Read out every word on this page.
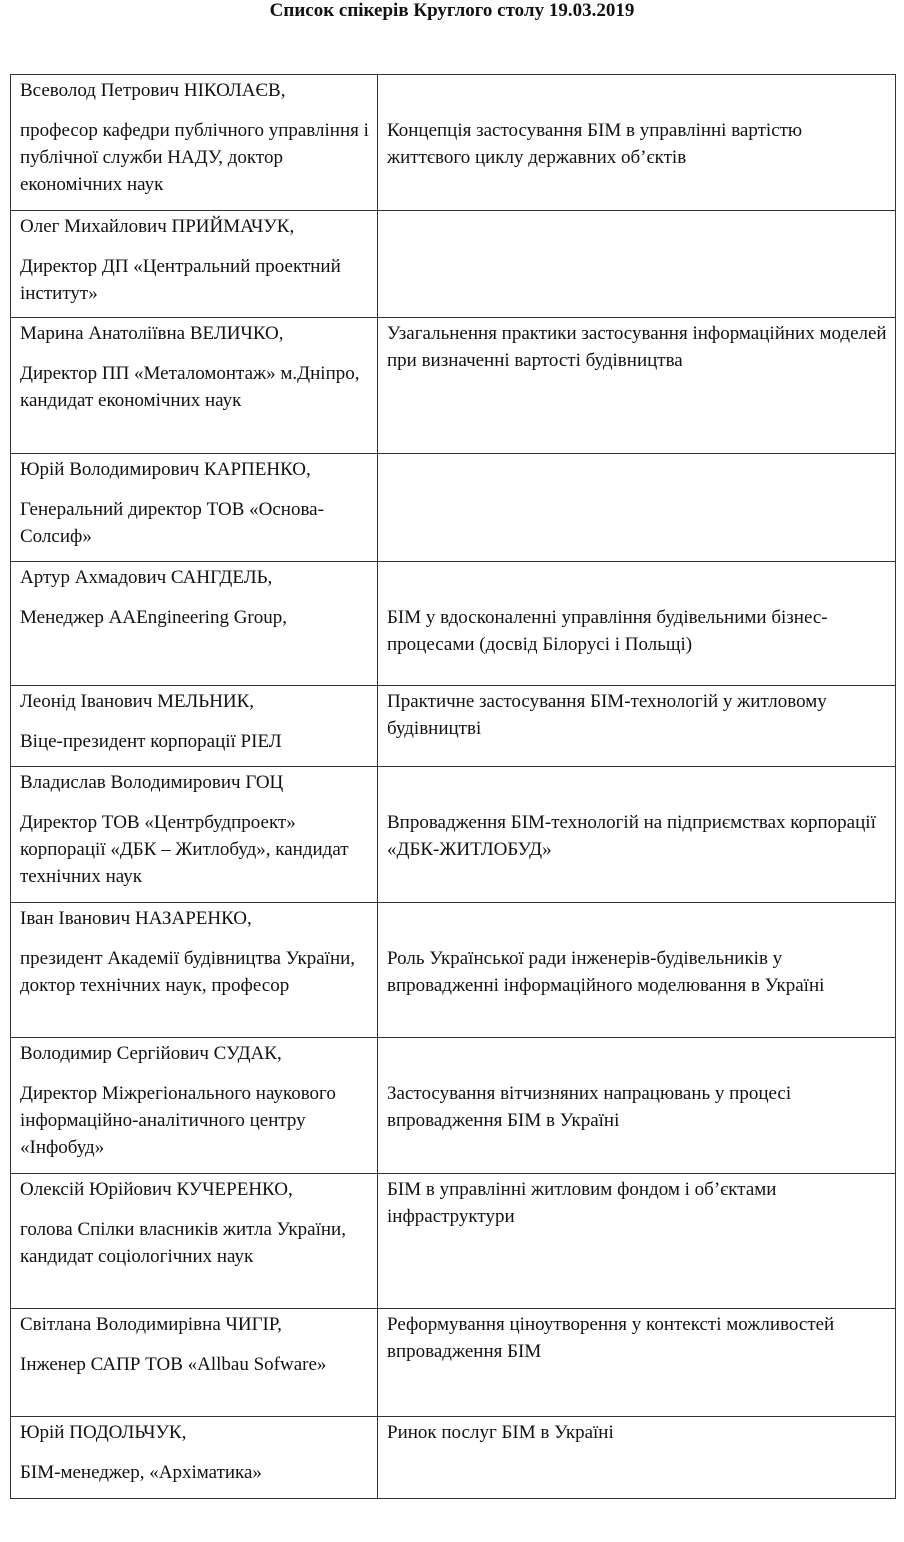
Список спікерів Круглого столу 19.03.2019
Всеволод Петрович НІКОЛАЄВ,
професор кафедри публічного управління і публічної служби НАДУ, доктор економічних наук
Концепція застосування БІМ в управлінні вартістю життєвого циклу державних об’єктів
Олег Михайлович ПРИЙМАЧУК,
Директор ДП «Центральний проектний інститут»
Марина Анатоліївна ВЕЛИЧКО,
Директор ПП «Металомонтаж» м.Дніпро, кандидат економічних наук
Узагальнення практики застосування інформаційних моделей при визначенні вартості будівництва
Юрій Володимирович КАРПЕНКО,
Генеральний директор ТОВ «Основа-Солсиф»
Артур Ахмадович САНГДЕЛЬ,
Менеджер AAEngineering Group,	БІМ у вдосконаленні управління будівельними бізнес-процесами (досвід Білорусі і Польщі)
Леонід Іванович МЕЛЬНИК,
Віце-президент корпорації РІЕЛ
Практичне застосування БІМ-технологій у житловому будівництві
Владислав Володимирович ГОЦ
Директор ТОВ «Центрбудпроект» корпорації «ДБК – Житлобуд», кандидат технічних наук
Впровадження БІМ-технологій на підприємствах корпорації «ДБК-ЖИТЛОБУД»
Іван Іванович НАЗАРЕНКО,
президент Академії будівництва України, доктор технічних наук, професор
Роль Української ради інженерів-будівельників у впровадженні інформаційного моделювання в Україні
Володимир Сергійович СУДАК,
Директор Міжрегіонального наукового інформаційно-аналітичного центру «Інфобуд»
Застосування вітчизняних напрацювань у процесі впровадження БІМ в Україні
Олексій Юрійович КУЧЕРЕНКО,
голова Спілки власників житла України, кандидат соціологічних наук
БІМ в управлінні житловим фондом і об’єктами інфраструктури
Світлана Володимирівна ЧИГІР,
Інженер САПР ТОВ «Allbau Sofware»
Реформування ціноутворення у контексті можливостей впровадження БІМ
Юрій ПОДОЛЬЧУК,
БІМ-менеджер, «Архіматика»
Ринок послуг БІМ в Україні
